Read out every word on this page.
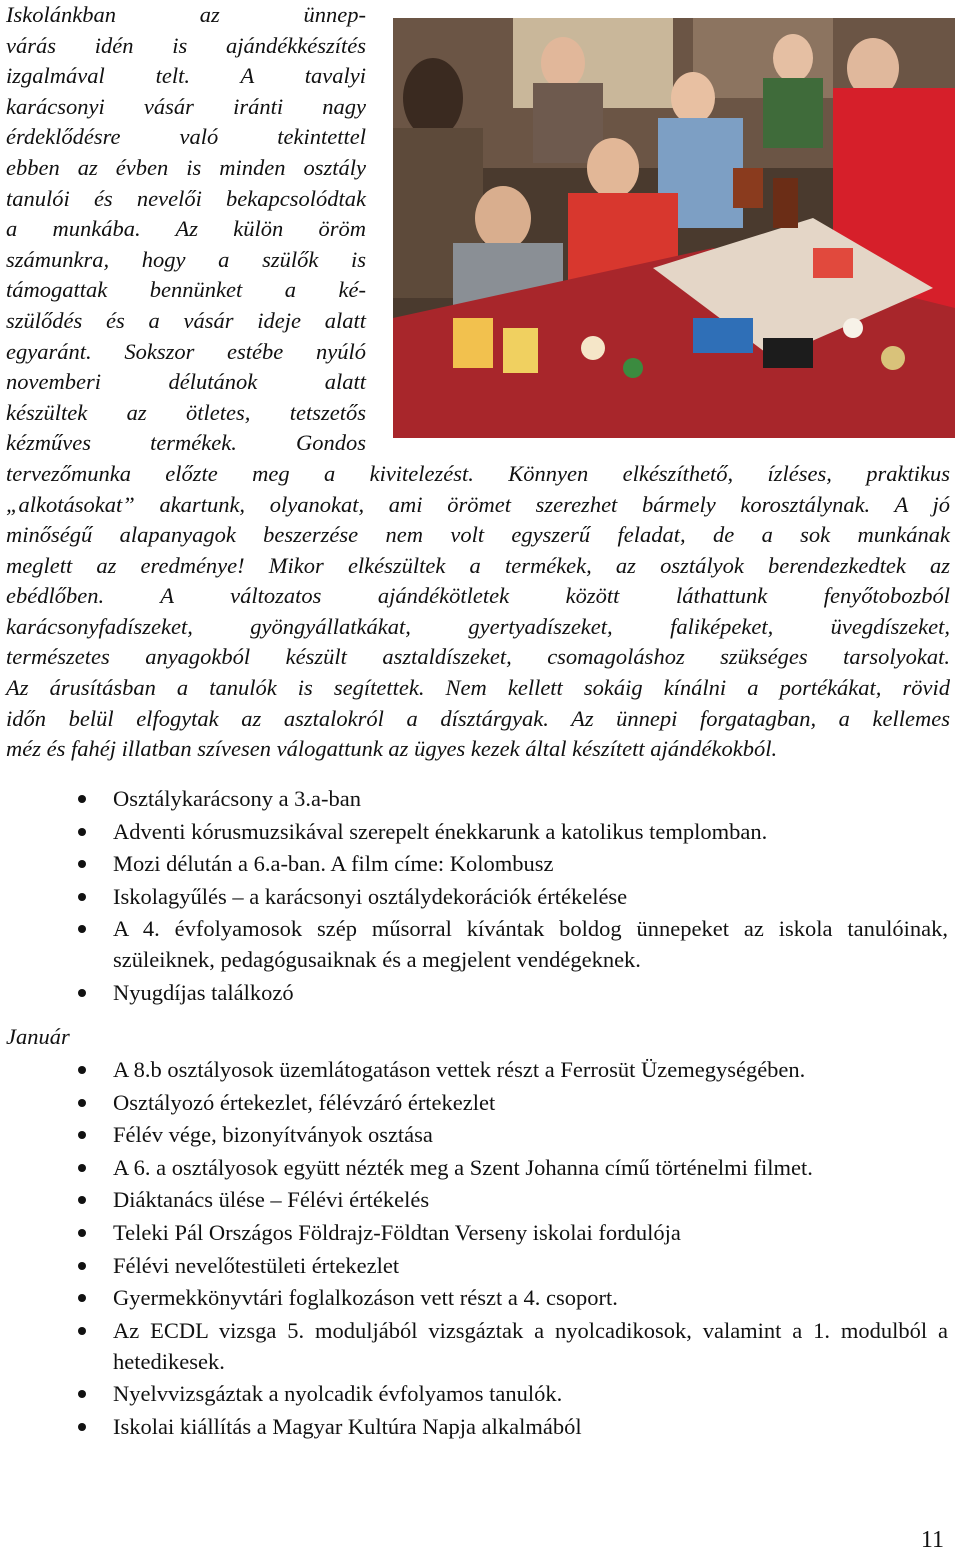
Iskolánkban az ünnep-

várás idén is ajándékkészítés

izgalmával telt. A tavalyi

karácsonyi vásár iránti nagy

érdeklődésre való tekintettel

ebben az évben is minden osztály

tanulói és nevelői bekapcsolódtak

a munkába. Az külön öröm

számunkra, hogy a szülők is

támogattak bennünket a ké-

szülődés és a vásár ideje alatt

egyaránt. Sokszor estébe nyúló

novemberi délutánok alatt

készültek az ötletes, tetszetős

kézműves termékek. Gondos

tervezőmunka előzte meg a kivitelezést. Könnyen elkészíthető, ízléses, praktikus

„alkotásokat” akartunk, olyanokat, ami örömet szerezhet bármely korosztálynak. A jó

minőségű alapanyagok beszerzése nem volt egyszerű feladat, de a sok munkának

meglett az eredménye! Mikor elkészültek a termékek, az osztályok berendezkedtek az

ebédlőben. A változatos ajándékötletek között láthattunk fenyőtobozból

karácsonyfadíszeket, gyöngyállatkákat, gyertyadíszeket, faliképeket, üvegdíszeket,

természetes anyagokból készült asztaldíszeket, csomagoláshoz szükséges tarsolyokat.

Az árusításban a tanulók is segítettek. Nem kellett sokáig kínálni a portékákat, rövid

időn belül elfogytak az asztalokról a dísztárgyak. Az ünnepi forgatagban, a kellemes

méz és fahéj illatban szívesen válogattunk az ügyes kezek által készített ajándékokból.

Osztálykarácsony a 3.a-ban
Adventi kórusmuzsikával szerepelt énekkarunk a katolikus templomban.
Mozi délután a 6.a-ban. A film címe: Kolombusz
Iskolagyűlés – a karácsonyi osztálydekorációk értékelése
A 4. évfolyamosok szép műsorral kívántak boldog ünnepeket az iskola tanulóinak, szüleiknek, pedagógusaiknak és a megjelent vendégeknek.
Nyugdíjas találkozó
Január
A 8.b osztályosok üzemlátogatáson vettek részt a Ferrosüt Üzemegységében.
Osztályozó értekezlet, félévzáró értekezlet
Félév vége, bizonyítványok osztása
A 6. a osztályosok együtt nézték meg a Szent Johanna című történelmi filmet.
Diáktanács ülése – Félévi értékelés
Teleki Pál Országos Földrajz-Földtan Verseny iskolai fordulója
Félévi nevelőtestületi értekezlet
Gyermekkönyvtári foglalkozáson vett részt a 4. csoport.
Az ECDL vizsga 5. moduljából vizsgáztak a nyolcadikosok, valamint a 1. modulból a hetedikesek.
Nyelvvizsgáztak a nyolcadik évfolyamos tanulók.
Iskolai kiállítás a Magyar Kultúra Napja alkalmából
11
